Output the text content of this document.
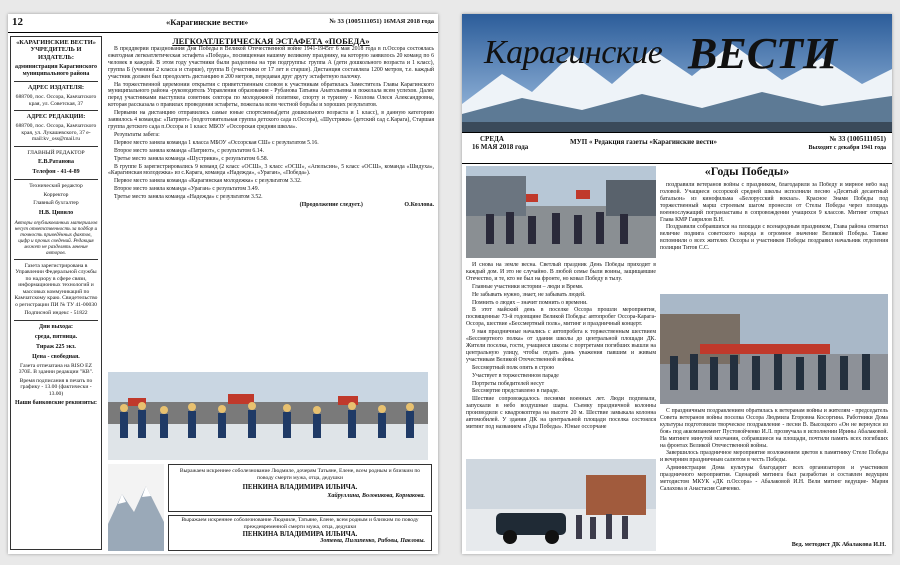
12	«Карагинские вести»	№ 33 (1005111051) 16МАЯ 2018 года
«КАРАГИНСКИЕ ВЕСТИ» УЧРЕДИТЕЛЬ И ИЗДАТЕЛЬ:
администрация Карагинского муниципального района
АДРЕС ИЗДАТЕЛЯ:
688700, пос. Оссора, Камчатского края, ул. Советская, 37
АДРЕС РЕДАКЦИИ:
688700, пос. Оссора, Камчатского края, ул. Лукашевского, 37 e-mail:kv_oss@mail.ru
ГЛАВНЫЙ РЕДАКТОР
Е.В.Ратанова
Телефон - 41-4-89
Технический редактор
Корректор
Главный бухгалтер
Н.В. Цивило
Авторы опубликованных материалов несут ответственность за подбор и точность приведённых фактов, цифр и прочих сведений. Редакция может не разделять мнение авторов.
Газета зарегистрирована в Управлении Федеральной службы по надзору в сфере связи, информационных технологий и массовых коммуникаций по Камчатскому краю. Свидетельство о регистрации ПИ № ТУ 41-00030
Подписной индекс - 51822
Дни выхода:
среда, пятница.
Тираж 225 экз.
Цена - свободная.
Газета отпечатана на RISO EZ 370E. В здании редакции "КВ".
Время подписания в печать по графику - 13.00 (фактически - 13.00)
Наши банковские реквизиты:
ЛЕГКОАТЛЕТИЧЕСКАЯ ЭСТАФЕТА «ПОБЕДА»

В преддверии празднования Дня Победы в Великой Отечественной войне 1941-1945гг 6 мая 2018 года в п.Оссора состоялась ежегодная легкоатлетическая эстафета «Победа», посвященная нашему великому празднику, на которую заявилось 20 команд по 6 человек в каждой. В этом году участники были разделены на три подгруппы: группа А (дети дошкольного возраста и 1 класс), группа Б (ученики 2 класса и старше), группа В (участники от 17 лет и старше). Дистанция составляла 1200 метров, т.е. каждый участник должен был преодолеть дистанцию в 200 метров, передавая друг другу эстафетную палочку.

На торжественной церемонии открытия с приветственным словом к участникам обратилась Заместитель Главы Карагинского муниципального района -руководитель Управления образования - Рубанова Татьяна Анатольевна и пожелала всем успехов. Далее перед участниками выступила советник сектора по молодежной политике, спорту и туризму - Козлова Олеся Александровна, которая рассказала о правилах проведения эстафеты, пожелала всем честной борьбы и хороших результатов.

Первыми на дистанцию отправились самые юные спортсмены(дети дошкольного возраста и 1 класс), в данную категорию заявилось 4 команды: «Патриот» (подготовительная группа детского сада п.Оссора), «Шустрики» (детский сад с.Карага), Старшая группа детского сада п.Оссора и 1 класс МБОУ «Оссорская средняя школа».

Результаты забега:

Первое место заняла команда 1 класса МБОУ «Оссорская СШ» с результатом 5.16.

Второе место заняла команда «Патриот», с результатом 6.14.

Третье место заняла команда «Шустрики», с результатом 6.58.

В группе Б зарегистрировались 9 команд (2 класс «ОСШ», 3 класс «ОСШ», «Апельсин», 5 класс «ОСШ», команда «Шидуха», «Карагинская молодежка» из с.Карага, команда «Надежда», «Ураган», «Победа»).

Первое место заняла команда «Карагинская молодежка» с результатом 3.32.

Второе место заняла команда «Ураган» с результатом 3.49.

Третье место заняла команда «Надежда» с результатом 3.52.

(Продолжение следует.)	О.Козлова.
Выражаем искреннее соболезнование Людмиле, дочерям Татьяне, Елене, всем родным и близким по поводу смерти мужа, отца, дедушки
ПЕНКИНА ВЛАДИМИРА ИЛЬИЧА.
Хайруллина, Воловикова, Кормакова.
Выражаем искреннее соболезнование Людмиле, Татьяне, Елене, всем родным и близким по поводу преждевременной смерти мужа, отца, дедушки
ПЕНКИНА ВЛАДИМИРА ИЛЬИЧА.
Зотеева, Пилипенко, Рибовы, Павловы.
Карагинские ВЕСТИ
СРЕДА
16 МАЯ 2018 года
МУП « Редакция газеты «Карагинские вести»	№ 33 (1005111051)
Выходит с декабря 1941 года
«Годы Победы»

И снова на земле весна. Светлый праздник День Победы приходит в каждый дом. И это не случайно. В любой семье были воины, защищавшие Отечество, и те, кто не был на фронте, но ковал Победу в тылу.

Главные участники истории – люди и Время.

Не забывать нужно, знает, не забывать людей.

Помнить о людях – значит помнить о времени.

В этот майский день в поселке Оссора прошли мероприятия, посвященные 73-й годовщине Великой Победы: автопробег Оссора-Карага-Оссора, шествие «Бессмертный полк», митинг и праздничный концерт.

9 мая праздничные начались с автопробега к торжественным шествием «Бессмертного полка» от здания школы до центральной площади ДК. Жители поселка, гости, учащиеся школы с портретами погибших вышли на центральную улицу, чтобы отдать дань уважения павшим и живым участникам Великой Отечественной войны.

Бессмертный полк опять в строю

Участвует в торжественном параде

Портреты победителей несут

Бессмертие представлено в параде.

Шествие сопровождалось песнями военных лет. Люди подпевали, запускали в небо воздушные шары. Съемку праздничной колонны производили с квадрокоптера на высоте 20 м. Шествие замыкала колонна автомобилей. У здания ДК на центральной площади поселка состоялся митинг под названием «Годы Победы». Юные оссорчане

поздравили ветеранов войны с праздником, благодарили за Победу и мирное небо над головой. Учащиеся оссорской средней школы исполнили песню «Десятый десантный батальон» из кинофильма «Белорусский вокзал». Красное Знамя Победы под торжественный марш строевым шагом пронесли от Стелы Победы через площадь военнослужащий погранзаставы в сопровождении учащихся 9 классов. Митинг открыл Глава КМР Гаврилов В.Н.

Поздравили собравшихся на площади с всенародным праздником, Глава района отметил величие подвига советского народа и огромное значение Великой Победы. Также вспомнили о всех жителях Оссоры и участников Победы поздравил начальник отделения полиции Титов С.С.

С праздничным поздравлением обратилась к ветеранам войны и жителям - председатель Совета ветеранов войны поселка Оссора Людмила Егоровна Косоргина. Работники Дома культуры подготовили творческое поздравление - песни В. Высоцкого «Он не вернулся из боя» под аккомпанемент Пустовойченко И.Л. прозвучала в исполнении Ирины Абалаковой. На митинге минутой молчания, собравшиеся на площади, почтили память всех погибших на фронтах Великой Отечественной войны.

Завершилось праздничное мероприятие возложением цветов к памятнику Стеле Победы и вечерним праздничным салютом в честь Победы.

Администрация Дома культуры благодарит всех организаторов и участников праздничного мероприятия. Сценарий митинга был разработан и составлен ведущим методистом МКУК «ДК п.Оссора» - Абалаковой И.Н. Вели митинг ведущие- Мария Салахова и Анастасия Савченко.

Вед. методист ДК Абалакова И.Н.
